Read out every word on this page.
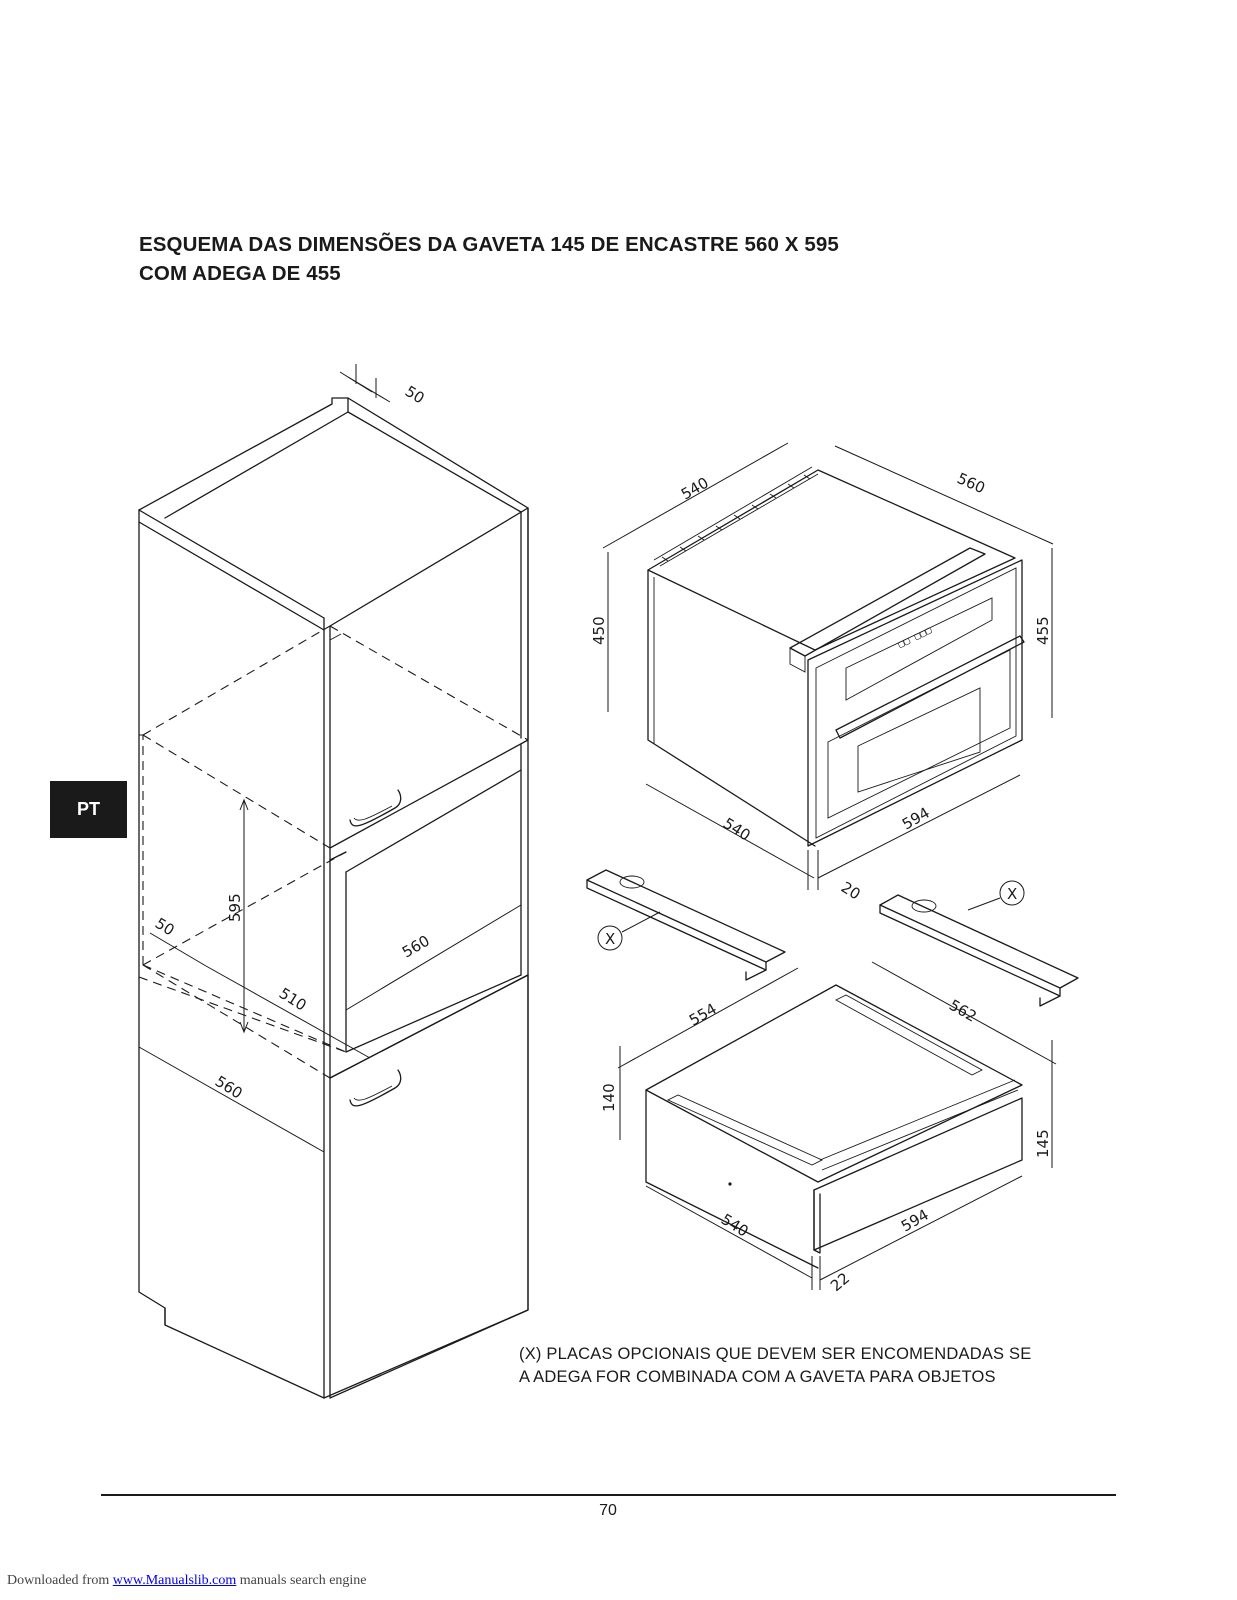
ESQUEMA DAS DIMENSÕES DA GAVETA 145 DE ENCASTRE 560 X 595
COM ADEGA DE 455
PT
50
595
50
510
560
560
▢▢ ▢▢▢
540	560
450	455
540	594
20
X
X
554	562
140
145
540	594
22
(X) PLACAS OPCIONAIS QUE DEVEM SER ENCOMENDADAS SE
A ADEGA FOR COMBINADA COM A GAVETA PARA OBJETOS
70
Downloaded from www.Manualslib.com manuals search engine
